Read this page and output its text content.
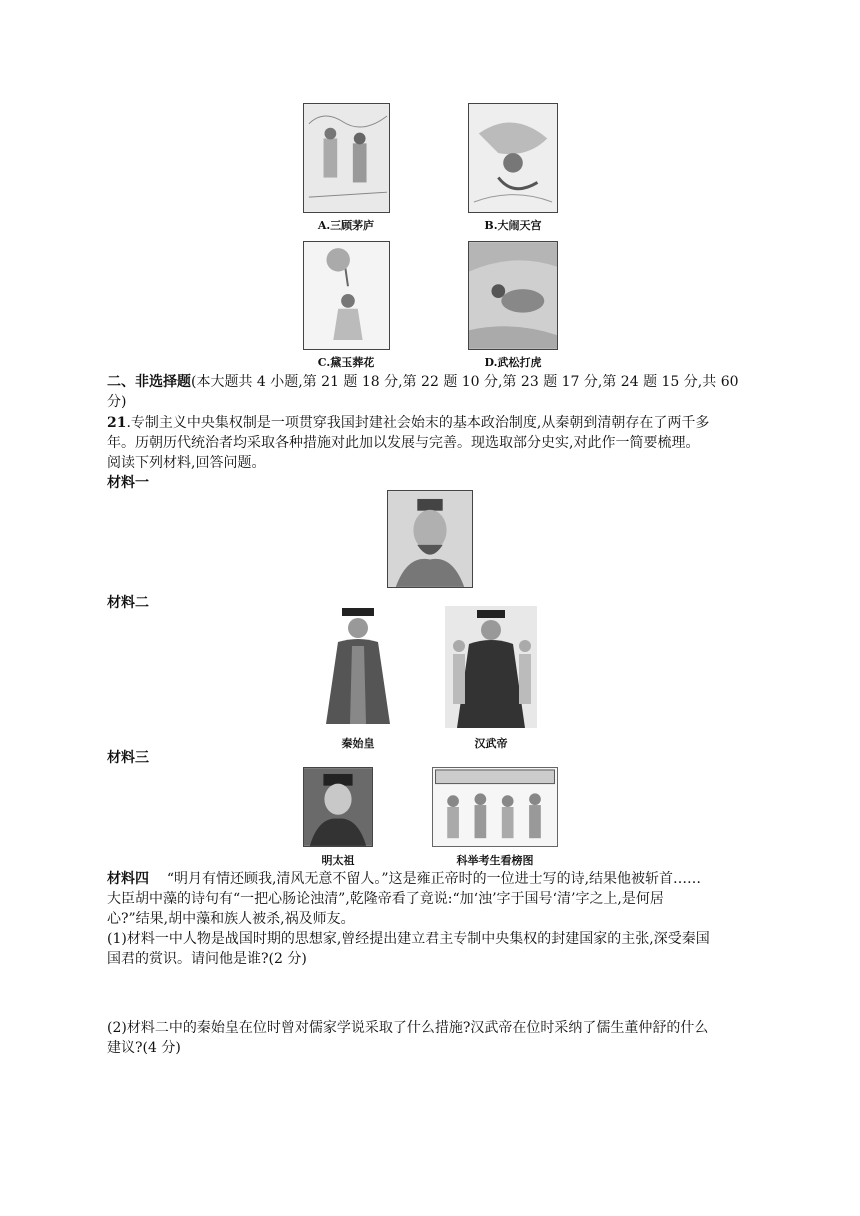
A.三顾茅庐	B.大闹天宫
C.黛玉葬花	D.武松打虎
二、非选择题(本大题共 4 小题,第 21 题 18 分,第 22 题 10 分,第 23 题 17 分,第 24 题 15 分,共 60
分)
21.专制主义中央集权制是一项贯穿我国封建社会始末的基本政治制度,从秦朝到清朝存在了两千多
年。历朝历代统治者均采取各种措施对此加以发展与完善。现选取部分史实,对此作一简要梳理。
阅读下列材料,回答问题。
材料一
材料二
秦始皇	汉武帝
材料三
明太祖	科举考生看榜图
材料四 “明月有情还顾我,清风无意不留人。”这是雍正帝时的一位进士写的诗,结果他被斩首……
大臣胡中藻的诗句有“一把心肠论浊清”,乾隆帝看了竟说:“加‘浊’字于国号‘清’字之上,是何居
心?”结果,胡中藻和族人被杀,祸及师友。
(1)材料一中人物是战国时期的思想家,曾经提出建立君主专制中央集权的封建国家的主张,深受秦国
国君的赏识。请问他是谁?(2 分)
(2)材料二中的秦始皇在位时曾对儒家学说采取了什么措施?汉武帝在位时采纳了儒生董仲舒的什么
建议?(4 分)
